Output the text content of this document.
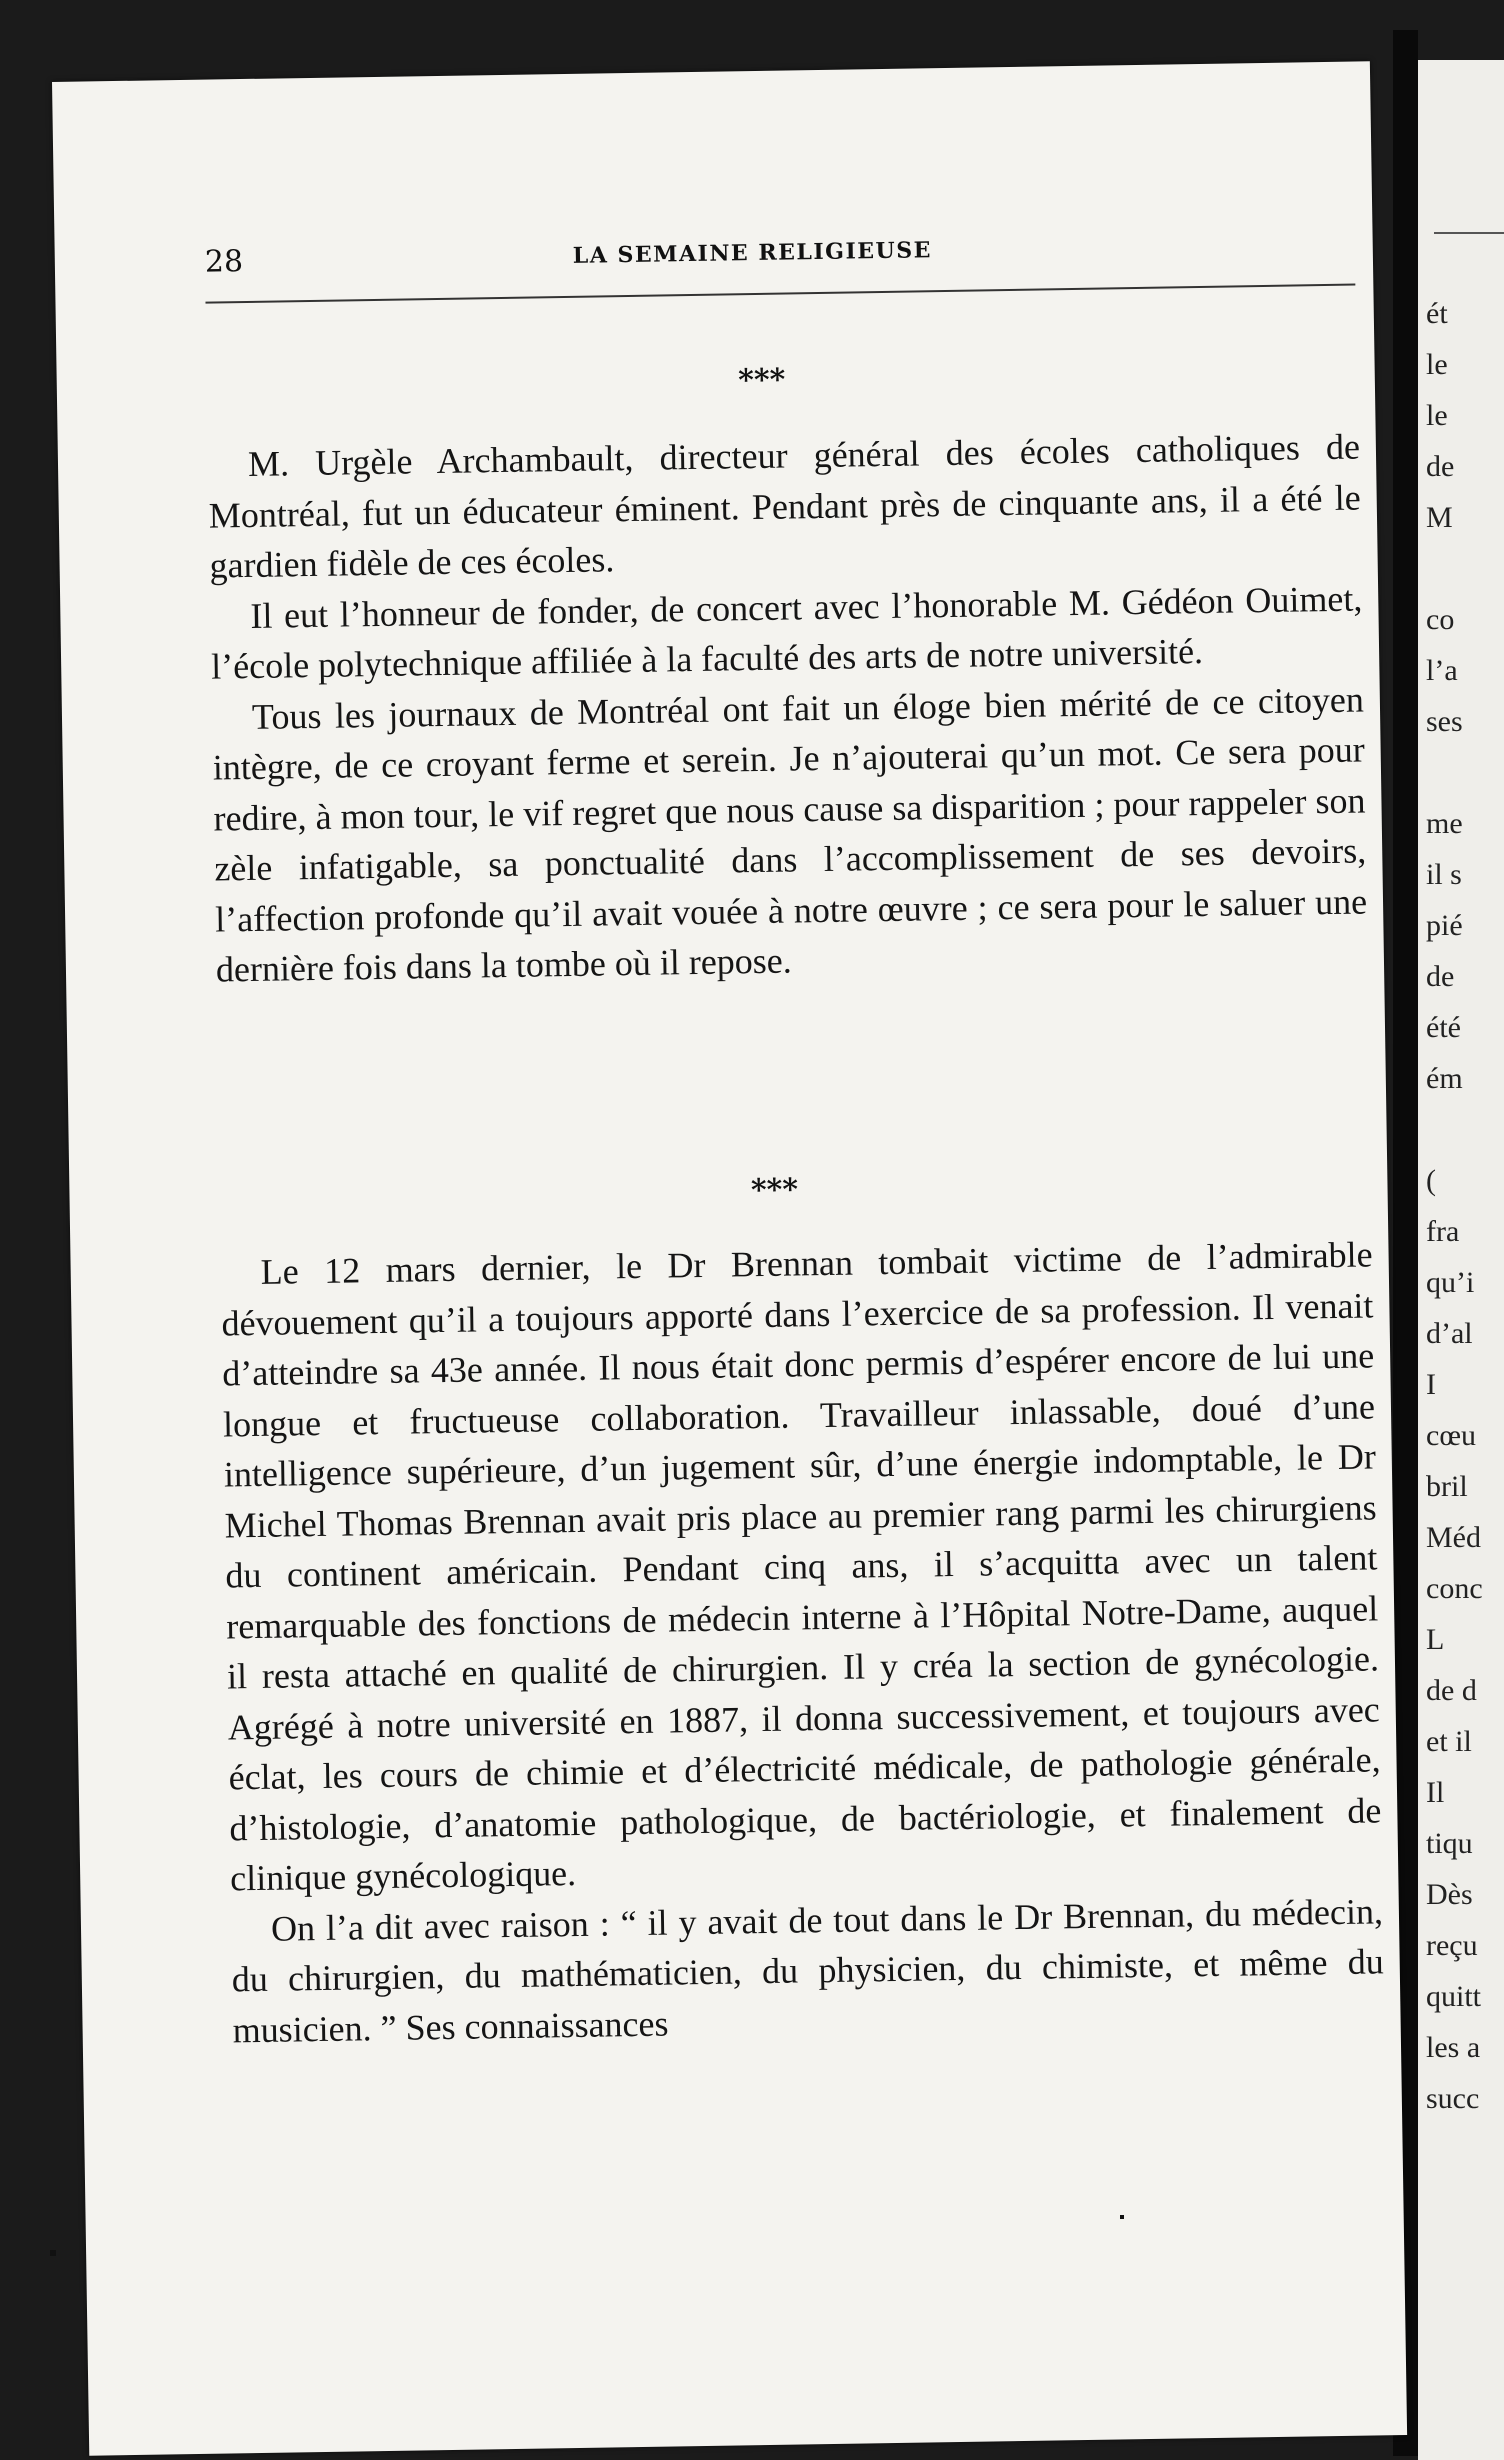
ét
le
le
de
M
co
l’a
ses
me
il s
pié
de
été
ém
(
fra
qu’i
d’al
I
cœu
bril
Méd
conc
L
de d
et il
Il
tiqu
Dès
reçu
quitt
les a
succ
28	LA SEMAINE RELIGIEUSE
***

M. Urgèle Archambault, directeur général des écoles catholiques de Montréal, fut un éducateur éminent. Pendant près de cinquante ans, il a été le gardien fidèle de ces écoles.

Il eut l’honneur de fonder, de concert avec l’honorable M. Gédéon Ouimet, l’école polytechnique affiliée à la faculté des arts de notre université.

Tous les journaux de Montréal ont fait un éloge bien mérité de ce citoyen intègre, de ce croyant ferme et serein. Je n’ajouterai qu’un mot. Ce sera pour redire, à mon tour, le vif regret que nous cause sa disparition ; pour rappeler son zèle infatigable, sa ponctualité dans l’accomplissement de ses devoirs, l’affection profonde qu’il avait vouée à notre œuvre ; ce sera pour le saluer une dernière fois dans la tombe où il repose.

***

Le 12 mars dernier, le Dr Brennan tombait victime de l’admirable dévouement qu’il a toujours apporté dans l’exercice de sa profession. Il venait d’atteindre sa 43e année. Il nous était donc permis d’espérer encore de lui une longue et fructueuse collaboration. Travailleur inlassable, doué d’une intelligence supérieure, d’un jugement sûr, d’une énergie indomptable, le Dr Michel Thomas Brennan avait pris place au premier rang parmi les chirurgiens du continent américain. Pendant cinq ans, il s’acquitta avec un talent remarquable des fonctions de médecin interne à l’Hôpital Notre-Dame, auquel il resta attaché en qualité de chirurgien. Il y créa la section de gynécologie. Agrégé à notre université en 1887, il donna successivement, et toujours avec éclat, les cours de chimie et d’électricité médicale, de pathologie générale, d’histologie, d’anatomie pathologique, de bactériologie, et finalement de clinique gynécologique.

On l’a dit avec raison : “ il y avait de tout dans le Dr Brennan, du médecin, du chirurgien, du mathématicien, du physicien, du chimiste, et même du musicien. ” Ses connaissances
